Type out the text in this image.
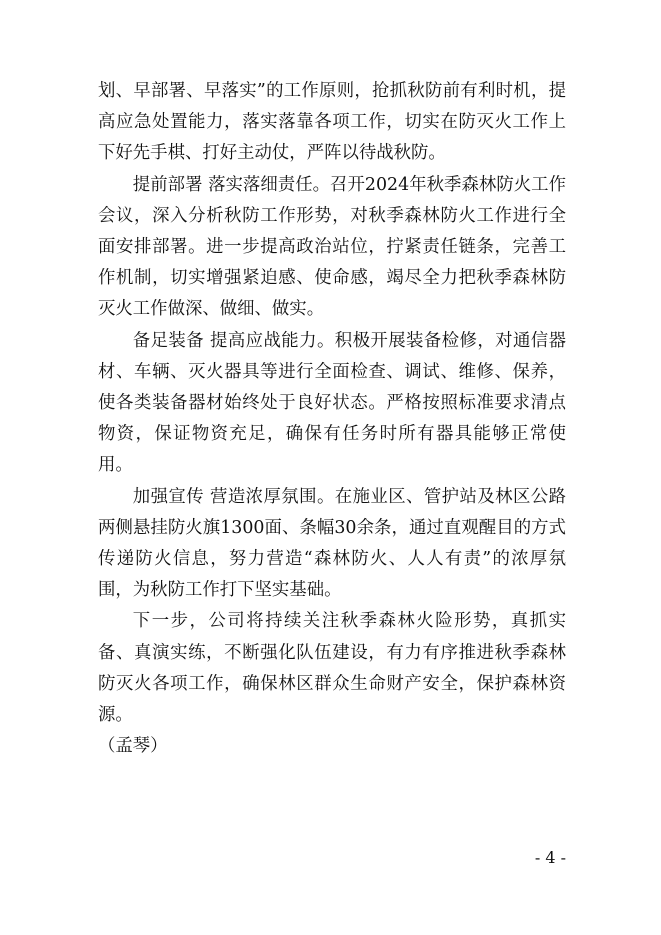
划、早部署、早落实”的工作原则，抢抓秋防前有利时机，提高应急处置能力，落实落靠各项工作，切实在防灭火工作上下好先手棋、打好主动仗，严阵以待战秋防。

提前部署 落实落细责任。召开2024年秋季森林防火工作会议，深入分析秋防工作形势，对秋季森林防火工作进行全面安排部署。进一步提高政治站位，拧紧责任链条，完善工作机制，切实增强紧迫感、使命感，竭尽全力把秋季森林防灭火工作做深、做细、做实。

备足装备 提高应战能力。积极开展装备检修，对通信器材、车辆、灭火器具等进行全面检查、调试、维修、保养，使各类装备器材始终处于良好状态。严格按照标准要求清点物资，保证物资充足，确保有任务时所有器具能够正常使用。

加强宣传 营造浓厚氛围。在施业区、管护站及林区公路两侧悬挂防火旗1300面、条幅30余条，通过直观醒目的方式传递防火信息，努力营造“森林防火、人人有责”的浓厚氛围，为秋防工作打下坚实基础。

下一步，公司将持续关注秋季森林火险形势，真抓实备、真演实练，不断强化队伍建设，有力有序推进秋季森林防灭火各项工作，确保林区群众生命财产安全，保护森林资源。

（孟琴）

- 4 -
